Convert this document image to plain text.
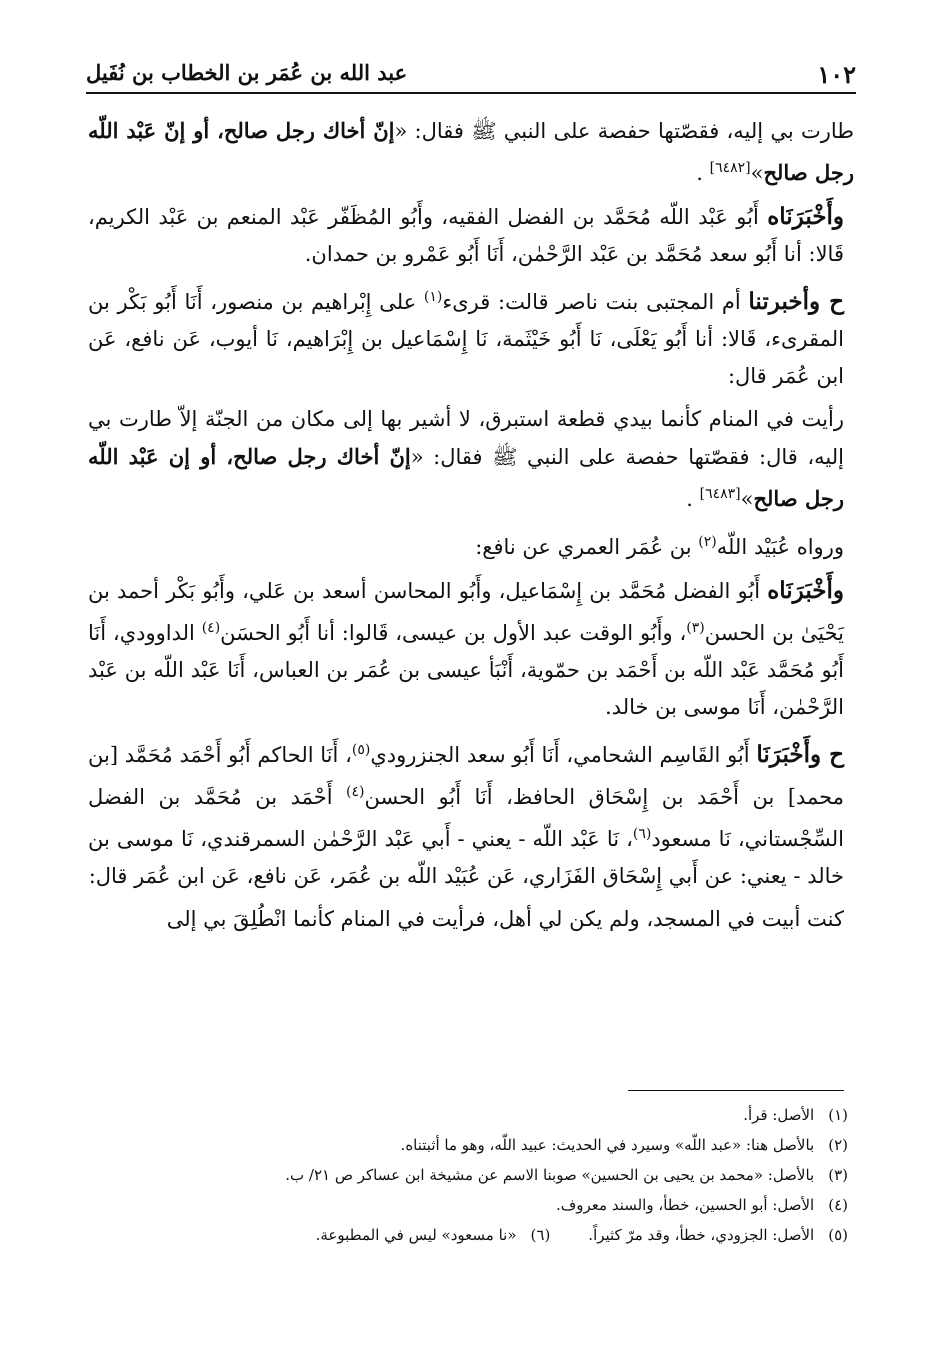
١٠٢
عبد الله بن عُمَر بن الخطاب بن نُفَيل

طارت بي إليه، فقصّتها حفصة على النبي ﷺ فقال: «إنّ أخاك رجل صالح، أو إنّ عَبْد اللّه رجل صالح»[٦٤٨٢] .

وأَخْبَرَنَاه أَبُو عَبْد اللّه مُحَمَّد بن الفضل الفقيه، وأَبُو المُظَفّر عَبْد المنعم بن عَبْد الكريم، قَالا: أنا أَبُو سعد مُحَمَّد بن عَبْد الرَّحْمٰن، أَنَا أَبُو عَمْرو بن حمدان.

ح وأخبرتنا أم المجتبى بنت ناصر قالت: قرىء$^{(١)}$ على إِبْراهيم بن منصور، أَنَا أَبُو بَكْر بن المقرىء، قَالا: أنا أَبُو يَعْلَى، نَا أَبُو خَيْثَمة، نَا إِسْمَاعيل بن إِبْرَاهيم، نَا أيوب، عَن نافع، عَن ابن عُمَر قال:

رأيت في المنام كأنما بيدي قطعة استبرق، لا أشير بها إلى مكان من الجنّة إلاّ طارت بي إليه، قال: فقصّتها حفصة على النبي ﷺ فقال: «إنّ أخاك رجل صالح، أو إن عَبْد اللّه رجل صالح»[٦٤٨٣] .

ورواه عُبَيْد اللّه$^{(٢)}$ بن عُمَر العمري عن نافع:

وأَخْبَرَنَاه أَبُو الفضل مُحَمَّد بن إِسْمَاعيل، وأَبُو المحاسن أسعد بن عَلي، وأَبُو بَكْر أحمد بن يَحْيَىٰ بن الحسن$^{(٣)}$، وأَبُو الوقت عبد الأول بن عيسى، قَالوا: أنا أَبُو الحسَن$^{(٤)}$ الداوودي، أَنَا أَبُو مُحَمَّد عَبْد اللّه بن أَحْمَد بن حمّوية، أَنْبَأ عيسى بن عُمَر بن العباس، أَنَا عَبْد اللّه بن عَبْد الرَّحْمٰن، أَنَا موسى بن خالد.

ح وأَخْبَرَنَا أَبُو القَاسِم الشحامي، أَنَا أَبُو سعد الجنزرودي$^{(٥)}$، أَنَا الحاكم أَبُو أَحْمَد مُحَمَّد [بن محمد] بن أَحْمَد بن إِسْحَاق الحافظ، أَنَا أَبُو الحسن$^{(٤)}$ أَحْمَد بن مُحَمَّد بن الفضل السِّجْستاني، نَا مسعود$^{(٦)}$، نَا عَبْد اللّه - يعني - أَبي عَبْد الرَّحْمٰن السمرقندي، نَا موسى بن خالد - يعني: عن أَبي إِسْحَاق الفَزَاري، عَن عُبَيْد اللّه بن عُمَر، عَن نافع، عَن ابن عُمَر قال:

كنت أبيت في المسجد، ولم يكن لي أهل، فرأيت في المنام كأنما انْطُلِقَ بي إلى

(١)الأصل: قرأ.

(٢)بالأصل هنا: «عبد اللّه» وسيرد في الحديث: عبيد اللّه، وهو ما أثبتناه.

(٣)بالأصل: «محمد بن يحيى بن الحسين» صوبنا الاسم عن مشيخة ابن عساكر ص ٢١/ ب.

(٤)الأصل: أبو الحسين، خطأ، والسند معروف.

(٥)الأصل: الجزودي، خطأ، وقد مرّ كثيراً.(٦)«نا مسعود» ليس في المطبوعة.
